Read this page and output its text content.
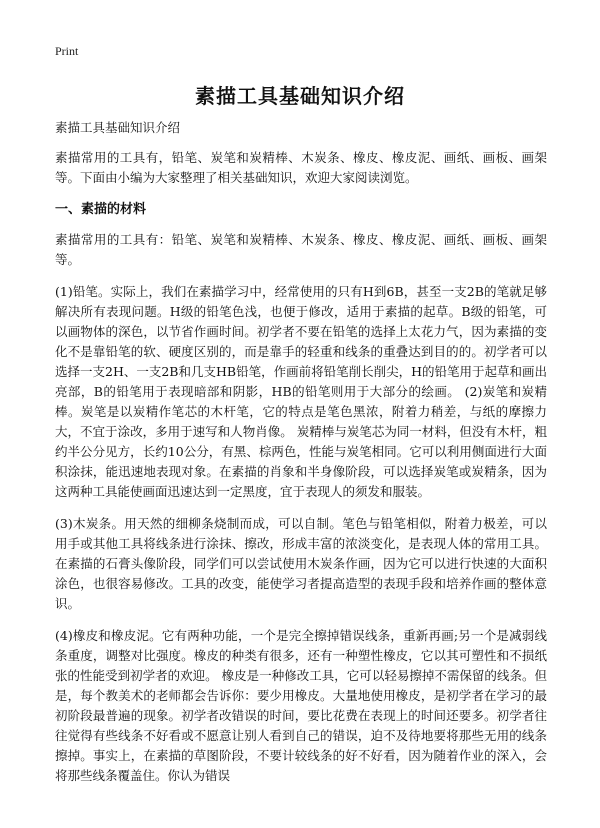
Print
素描工具基础知识介绍

素描工具基础知识介绍

素描常用的工具有，铅笔、炭笔和炭精棒、木炭条、橡皮、橡皮泥、画纸、画板、画架等。下面由小编为大家整理了相关基础知识，欢迎大家阅读浏览。

一、素描的材料

素描常用的工具有：铅笔、炭笔和炭精棒、木炭条、橡皮、橡皮泥、画纸、画板、画架等。

(1)铅笔。实际上，我们在素描学习中，经常使用的只有H到6B，甚至一支2B的笔就足够解决所有表现问题。H级的铅笔色浅，也便于修改，适用于素描的起草。B级的铅笔，可以画物体的深色，以节省作画时间。初学者不要在铅笔的选择上太花力气，因为素描的变化不是靠铅笔的软、硬度区别的，而是靠手的轻重和线条的重叠达到目的的。初学者可以选择一支2H、一支2B和几支HB铅笔，作画前将铅笔削长削尖，H的铅笔用于起草和画出亮部，B的铅笔用于表现暗部和阴影，HB的铅笔则用于大部分的绘画。 (2)炭笔和炭精棒。炭笔是以炭精作笔芯的木杆笔，它的特点是笔色黑浓，附着力稍差，与纸的摩擦力大，不宜于涂改，多用于速写和人物肖像。 炭精棒与炭笔芯为同一材料，但没有木杆，粗约半公分见方，长约10公分，有黑、棕两色，性能与炭笔相同。它可以利用侧面进行大面积涂抹，能迅速地表现对象。在素描的肖象和半身像阶段，可以选择炭笔或炭精条，因为这两种工具能使画面迅速达到一定黑度，宜于表现人的须发和服装。

(3)木炭条。用天然的细柳条烧制而成，可以自制。笔色与铅笔相似，附着力极差，可以用手或其他工具将线条进行涂抹、擦改，形成丰富的浓淡变化，是表现人体的常用工具。 在素描的石膏头像阶段，同学们可以尝试使用木炭条作画，因为它可以进行快速的大面积涂色，也很容易修改。工具的改变，能使学习者提高造型的表现手段和培养作画的整体意识。

(4)橡皮和橡皮泥。它有两种功能，一个是完全擦掉错误线条，重新再画;另一个是减弱线条重度，调整对比强度。橡皮的种类有很多，还有一种塑性橡皮，它以其可塑性和不损纸张的性能受到初学者的欢迎。 橡皮是一种修改工具，它可以轻易擦掉不需保留的线条。但是，每个教美术的老师都会告诉你：要少用橡皮。大量地使用橡皮，是初学者在学习的最初阶段最普遍的现象。初学者改错误的时间，要比花费在表现上的时间还要多。初学者往往觉得有些线条不好看或不愿意让别人看到自己的错误，迫不及待地要将那些无用的线条擦掉。事实上，在素描的草图阶段，不要计较线条的好不好看，因为随着作业的深入，会将那些线条覆盖住。你认为错误
